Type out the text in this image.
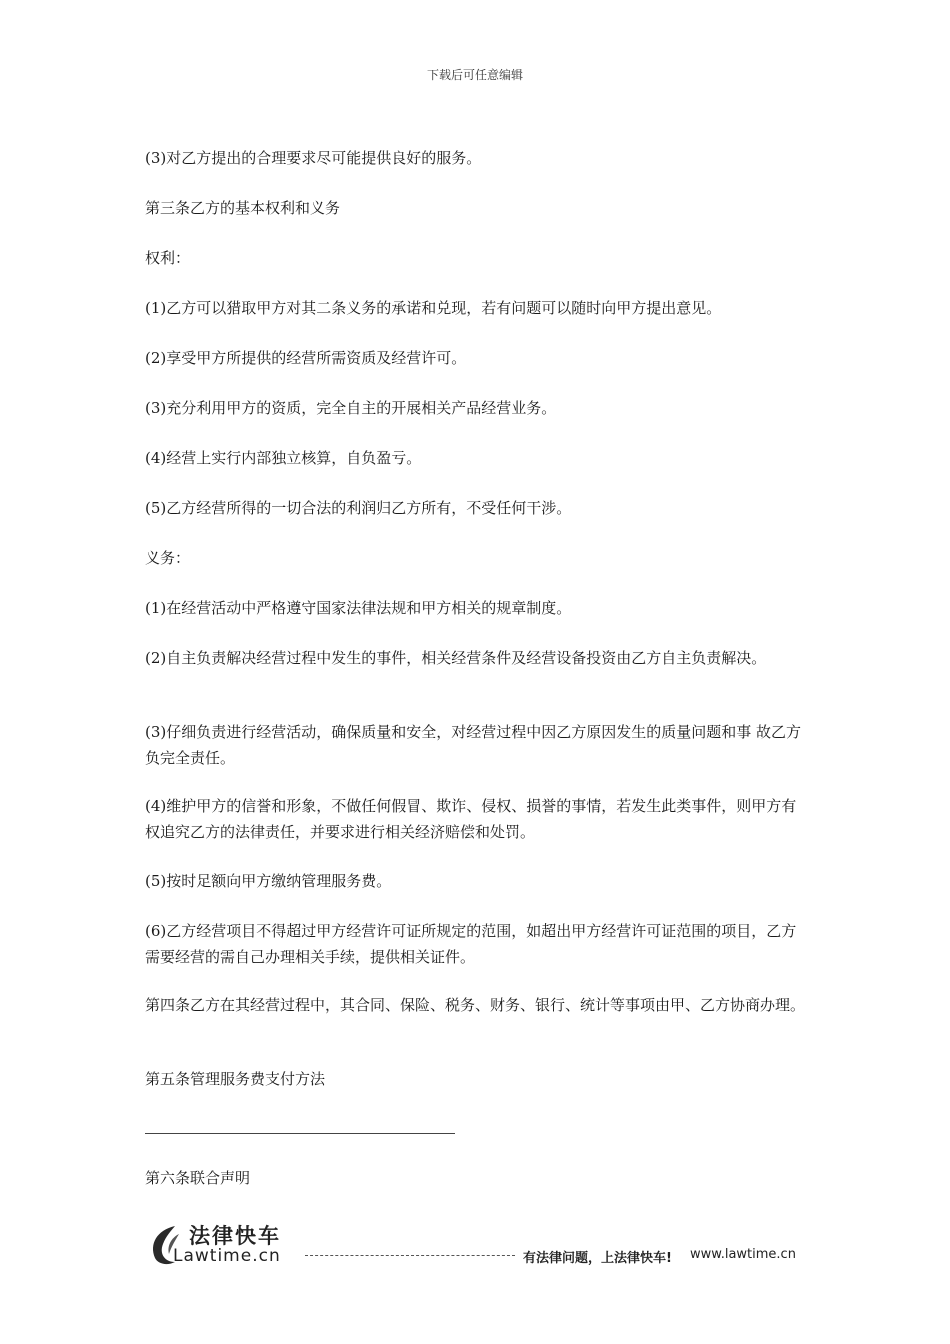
下载后可任意编辑
(3)对乙方提出的合理要求尽可能提供良好的服务。
第三条乙方的基本权利和义务
权利：
(1)乙方可以猎取甲方对其二条义务的承诺和兑现，若有问题可以随时向甲方提出意见。
(2)享受甲方所提供的经营所需资质及经营许可。
(3)充分利用甲方的资质，完全自主的开展相关产品经营业务。
(4)经营上实行内部独立核算，自负盈亏。
(5)乙方经营所得的一切合法的利润归乙方所有，不受任何干涉。
义务：
(1)在经营活动中严格遵守国家法律法规和甲方相关的规章制度。
(2)自主负责解决经营过程中发生的事件，相关经营条件及经营设备投资由乙方自主负责解决。
(3)仔细负责进行经营活动，确保质量和安全，对经营过程中因乙方原因发生的质量问题和事 故乙方负完全责任。
(4)维护甲方的信誉和形象，不做任何假冒、欺诈、侵权、损誉的事情，若发生此类事件，则甲方有权追究乙方的法律责任，并要求进行相关经济赔偿和处罚。
(5)按时足额向甲方缴纳管理服务费。
(6)乙方经营项目不得超过甲方经营许可证所规定的范围，如超出甲方经营许可证范围的项目，乙方需要经营的需自己办理相关手续，提供相关证件。
第四条乙方在其经营过程中，其合同、保险、税务、财务、银行、统计等事项由甲、乙方协商办理。
第五条管理服务费支付方法
第六条联合声明
法律快车
Lawtime.cn	有法律问题，上法律快车! www.lawtime.cn
